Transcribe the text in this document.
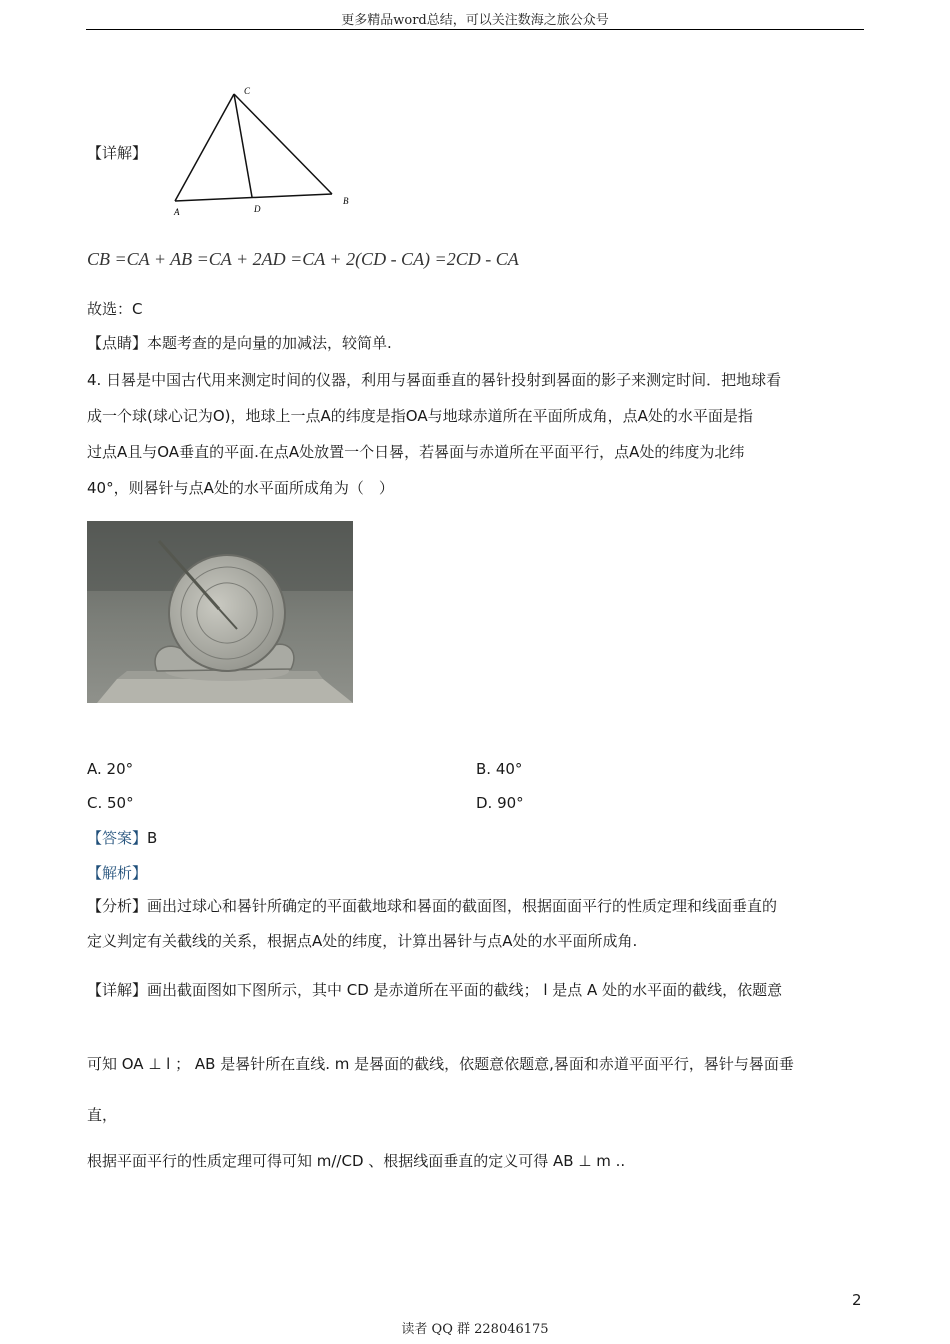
更多精品word总结，可以关注数海之旅公众号
【详解】
C
A	D
B
CB =CA + AB =CA + 2AD =CA + 2(CD - CA) =2CD - CA
故选：C
【点睛】本题考查的是向量的加减法，较简单.
4. 日晷是中国古代用来测定时间的仪器，利用与晷面垂直的晷针投射到晷面的影子来测定时间．把地球看
成一个球(球心记为O)，地球上一点A的纬度是指OA与地球赤道所在平面所成角，点A处的水平面是指
过点A且与OA垂直的平面.在点A处放置一个日晷，若晷面与赤道所在平面平行，点A处的纬度为北纬
40°，则晷针与点A处的水平面所成角为（　）
A. 20°	B. 40°
C. 50°	D. 90°
【答案】B
【解析】
【分析】画出过球心和晷针所确定的平面截地球和晷面的截面图，根据面面平行的性质定理和线面垂直的
定义判定有关截线的关系，根据点A处的纬度，计算出晷针与点A处的水平面所成角.
【详解】画出截面图如下图所示，其中 CD 是赤道所在平面的截线； l 是点 A 处的水平面的截线，依题意
可知 OA ⊥ l ； AB 是晷针所在直线. m 是晷面的截线，依题意依题意,晷面和赤道平面平行，晷针与晷面垂
直，
根据平面平行的性质定理可得可知 m//CD 、根据线面垂直的定义可得 AB ⊥ m ..
2
读者 QQ 群 228046175
